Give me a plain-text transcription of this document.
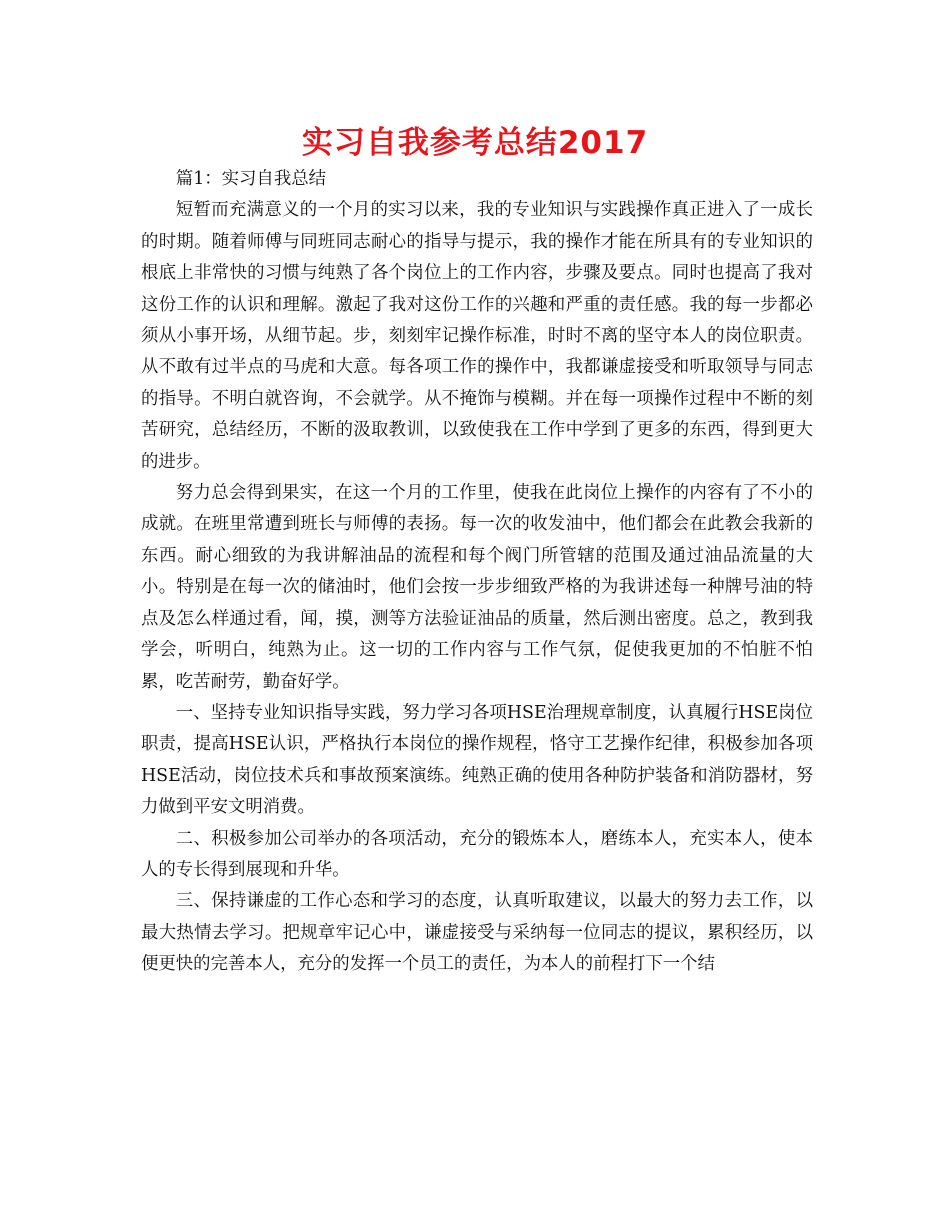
实习自我参考总结2017

篇1：实习自我总结

短暂而充满意义的一个月的实习以来，我的专业知识与实践操作真正进入了一成长的时期。随着师傅与同班同志耐心的指导与提示，我的操作才能在所具有的专业知识的根底上非常快的习惯与纯熟了各个岗位上的工作内容，步骤及要点。同时也提高了我对这份工作的认识和理解。激起了我对这份工作的兴趣和严重的责任感。我的每一步都必须从小事开场，从细节起。步，刻刻牢记操作标准，时时不离的坚守本人的岗位职责。从不敢有过半点的马虎和大意。每各项工作的操作中，我都谦虚接受和听取领导与同志的指导。不明白就咨询，不会就学。从不掩饰与模糊。并在每一项操作过程中不断的刻苦研究，总结经历，不断的汲取教训，以致使我在工作中学到了更多的东西，得到更大的进步。

努力总会得到果实，在这一个月的工作里，使我在此岗位上操作的内容有了不小的成就。在班里常遭到班长与师傅的表扬。每一次的收发油中，他们都会在此教会我新的东西。耐心细致的为我讲解油品的流程和每个阀门所管辖的范围及通过油品流量的大小。特别是在每一次的储油时，他们会按一步步细致严格的为我讲述每一种牌号油的特点及怎么样通过看，闻，摸，测等方法验证油品的质量，然后测出密度。总之，教到我学会，听明白，纯熟为止。这一切的工作内容与工作气氛，促使我更加的不怕脏不怕累，吃苦耐劳，勤奋好学。

一、坚持专业知识指导实践，努力学习各项HSE治理规章制度，认真履行HSE岗位职责，提高HSE认识，严格执行本岗位的操作规程，恪守工艺操作纪律，积极参加各项HSE活动，岗位技术兵和事故预案演练。纯熟正确的使用各种防护装备和消防器材，努力做到平安文明消费。

二、积极参加公司举办的各项活动，充分的锻炼本人，磨练本人，充实本人，使本人的专长得到展现和升华。

三、保持谦虚的工作心态和学习的态度，认真听取建议，以最大的努力去工作，以最大热情去学习。把规章牢记心中，谦虚接受与采纳每一位同志的提议，累积经历，以便更快的完善本人，充分的发挥一个员工的责任，为本人的前程打下一个结
